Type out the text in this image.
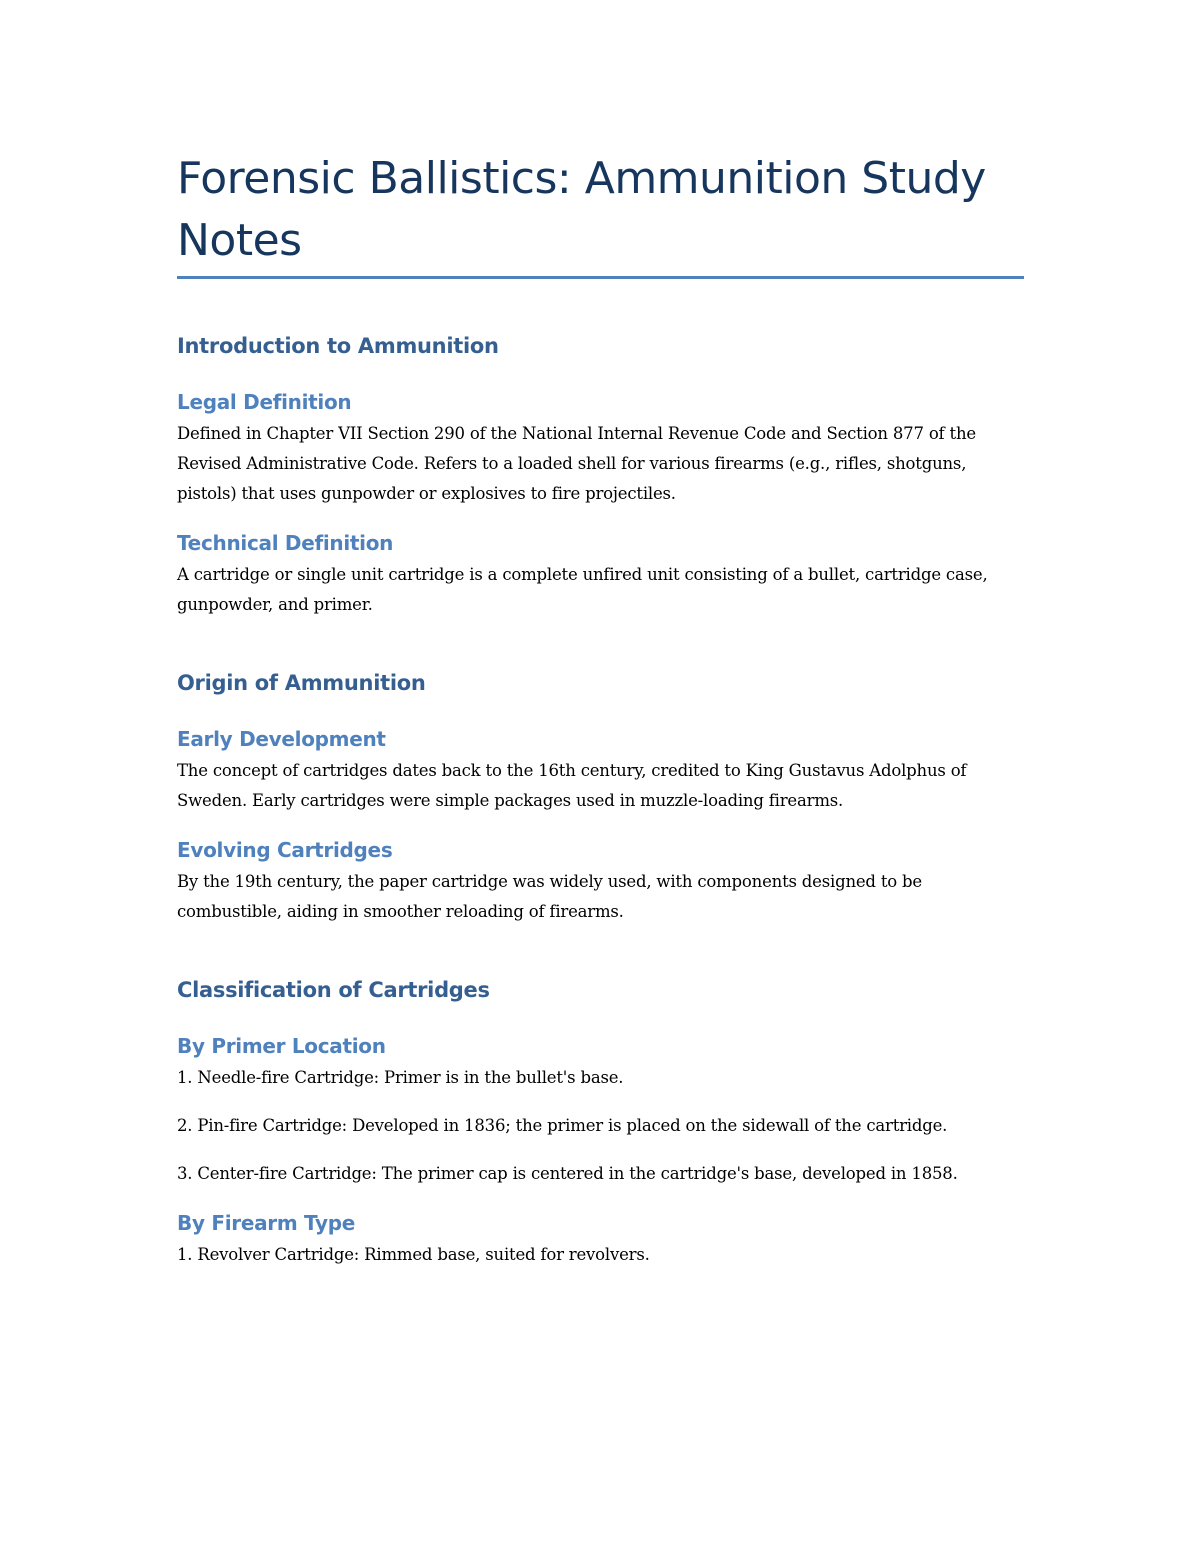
Forensic Ballistics: Ammunition Study Notes
Introduction to Ammunition
Legal Definition

Defined in Chapter VII Section 290 of the National Internal Revenue Code and Section 877 of the Revised Administrative Code. Refers to a loaded shell for various firearms (e.g., rifles, shotguns, pistols) that uses gunpowder or explosives to fire projectiles.

Technical Definition

A cartridge or single unit cartridge is a complete unfired unit consisting of a bullet, cartridge case, gunpowder, and primer.

Origin of Ammunition
Early Development

The concept of cartridges dates back to the 16th century, credited to King Gustavus Adolphus of Sweden. Early cartridges were simple packages used in muzzle-loading firearms.

Evolving Cartridges

By the 19th century, the paper cartridge was widely used, with components designed to be combustible, aiding in smoother reloading of firearms.

Classification of Cartridges
By Primer Location

1. Needle-fire Cartridge: Primer is in the bullet's base.

2. Pin-fire Cartridge: Developed in 1836; the primer is placed on the sidewall of the cartridge.

3. Center-fire Cartridge: The primer cap is centered in the cartridge's base, developed in 1858.

By Firearm Type

1. Revolver Cartridge: Rimmed base, suited for revolvers.
